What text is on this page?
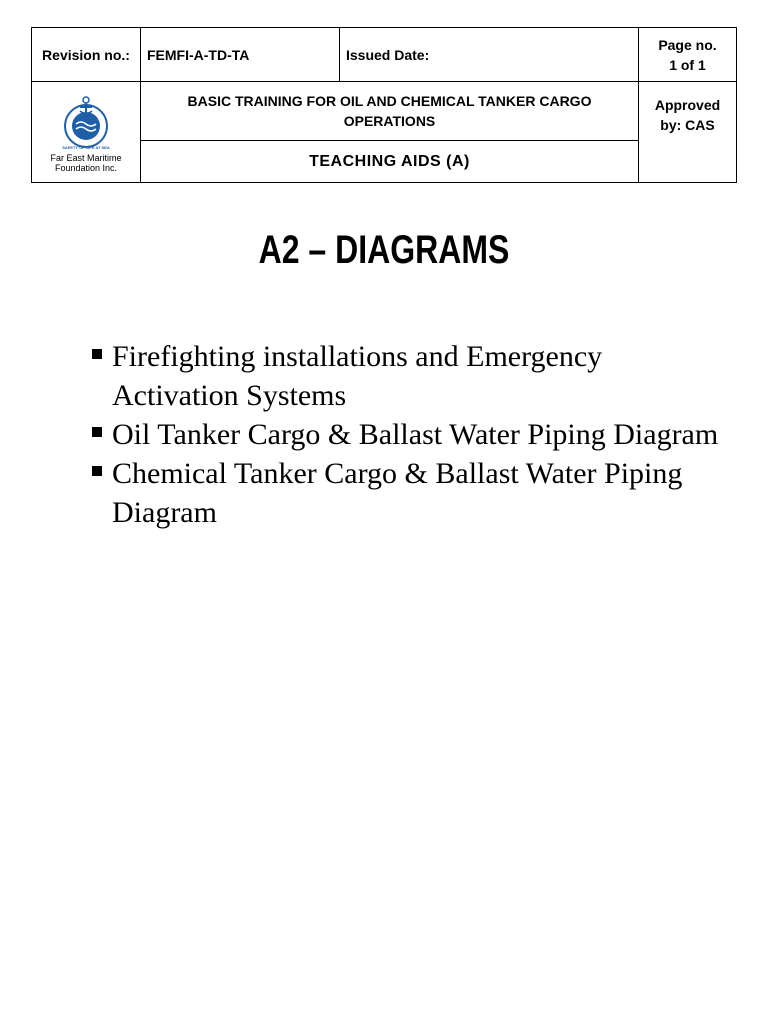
Revision no.:	FEMFI-A-TD-TA	Issued Date:	Page no.
1 of 1

SAFETY OF LIFE AT SEA
Far East Maritime
Foundation Inc.	BASIC TRAINING FOR OIL AND CHEMICAL TANKER CARGO OPERATIONS		Approved by: CAS

	TEACHING AIDS (A)		
A2 – DIAGRAMS
Firefighting installations and Emergency Activation Systems
Oil Tanker Cargo & Ballast Water Piping Diagram
Chemical Tanker Cargo & Ballast Water Piping Diagram
